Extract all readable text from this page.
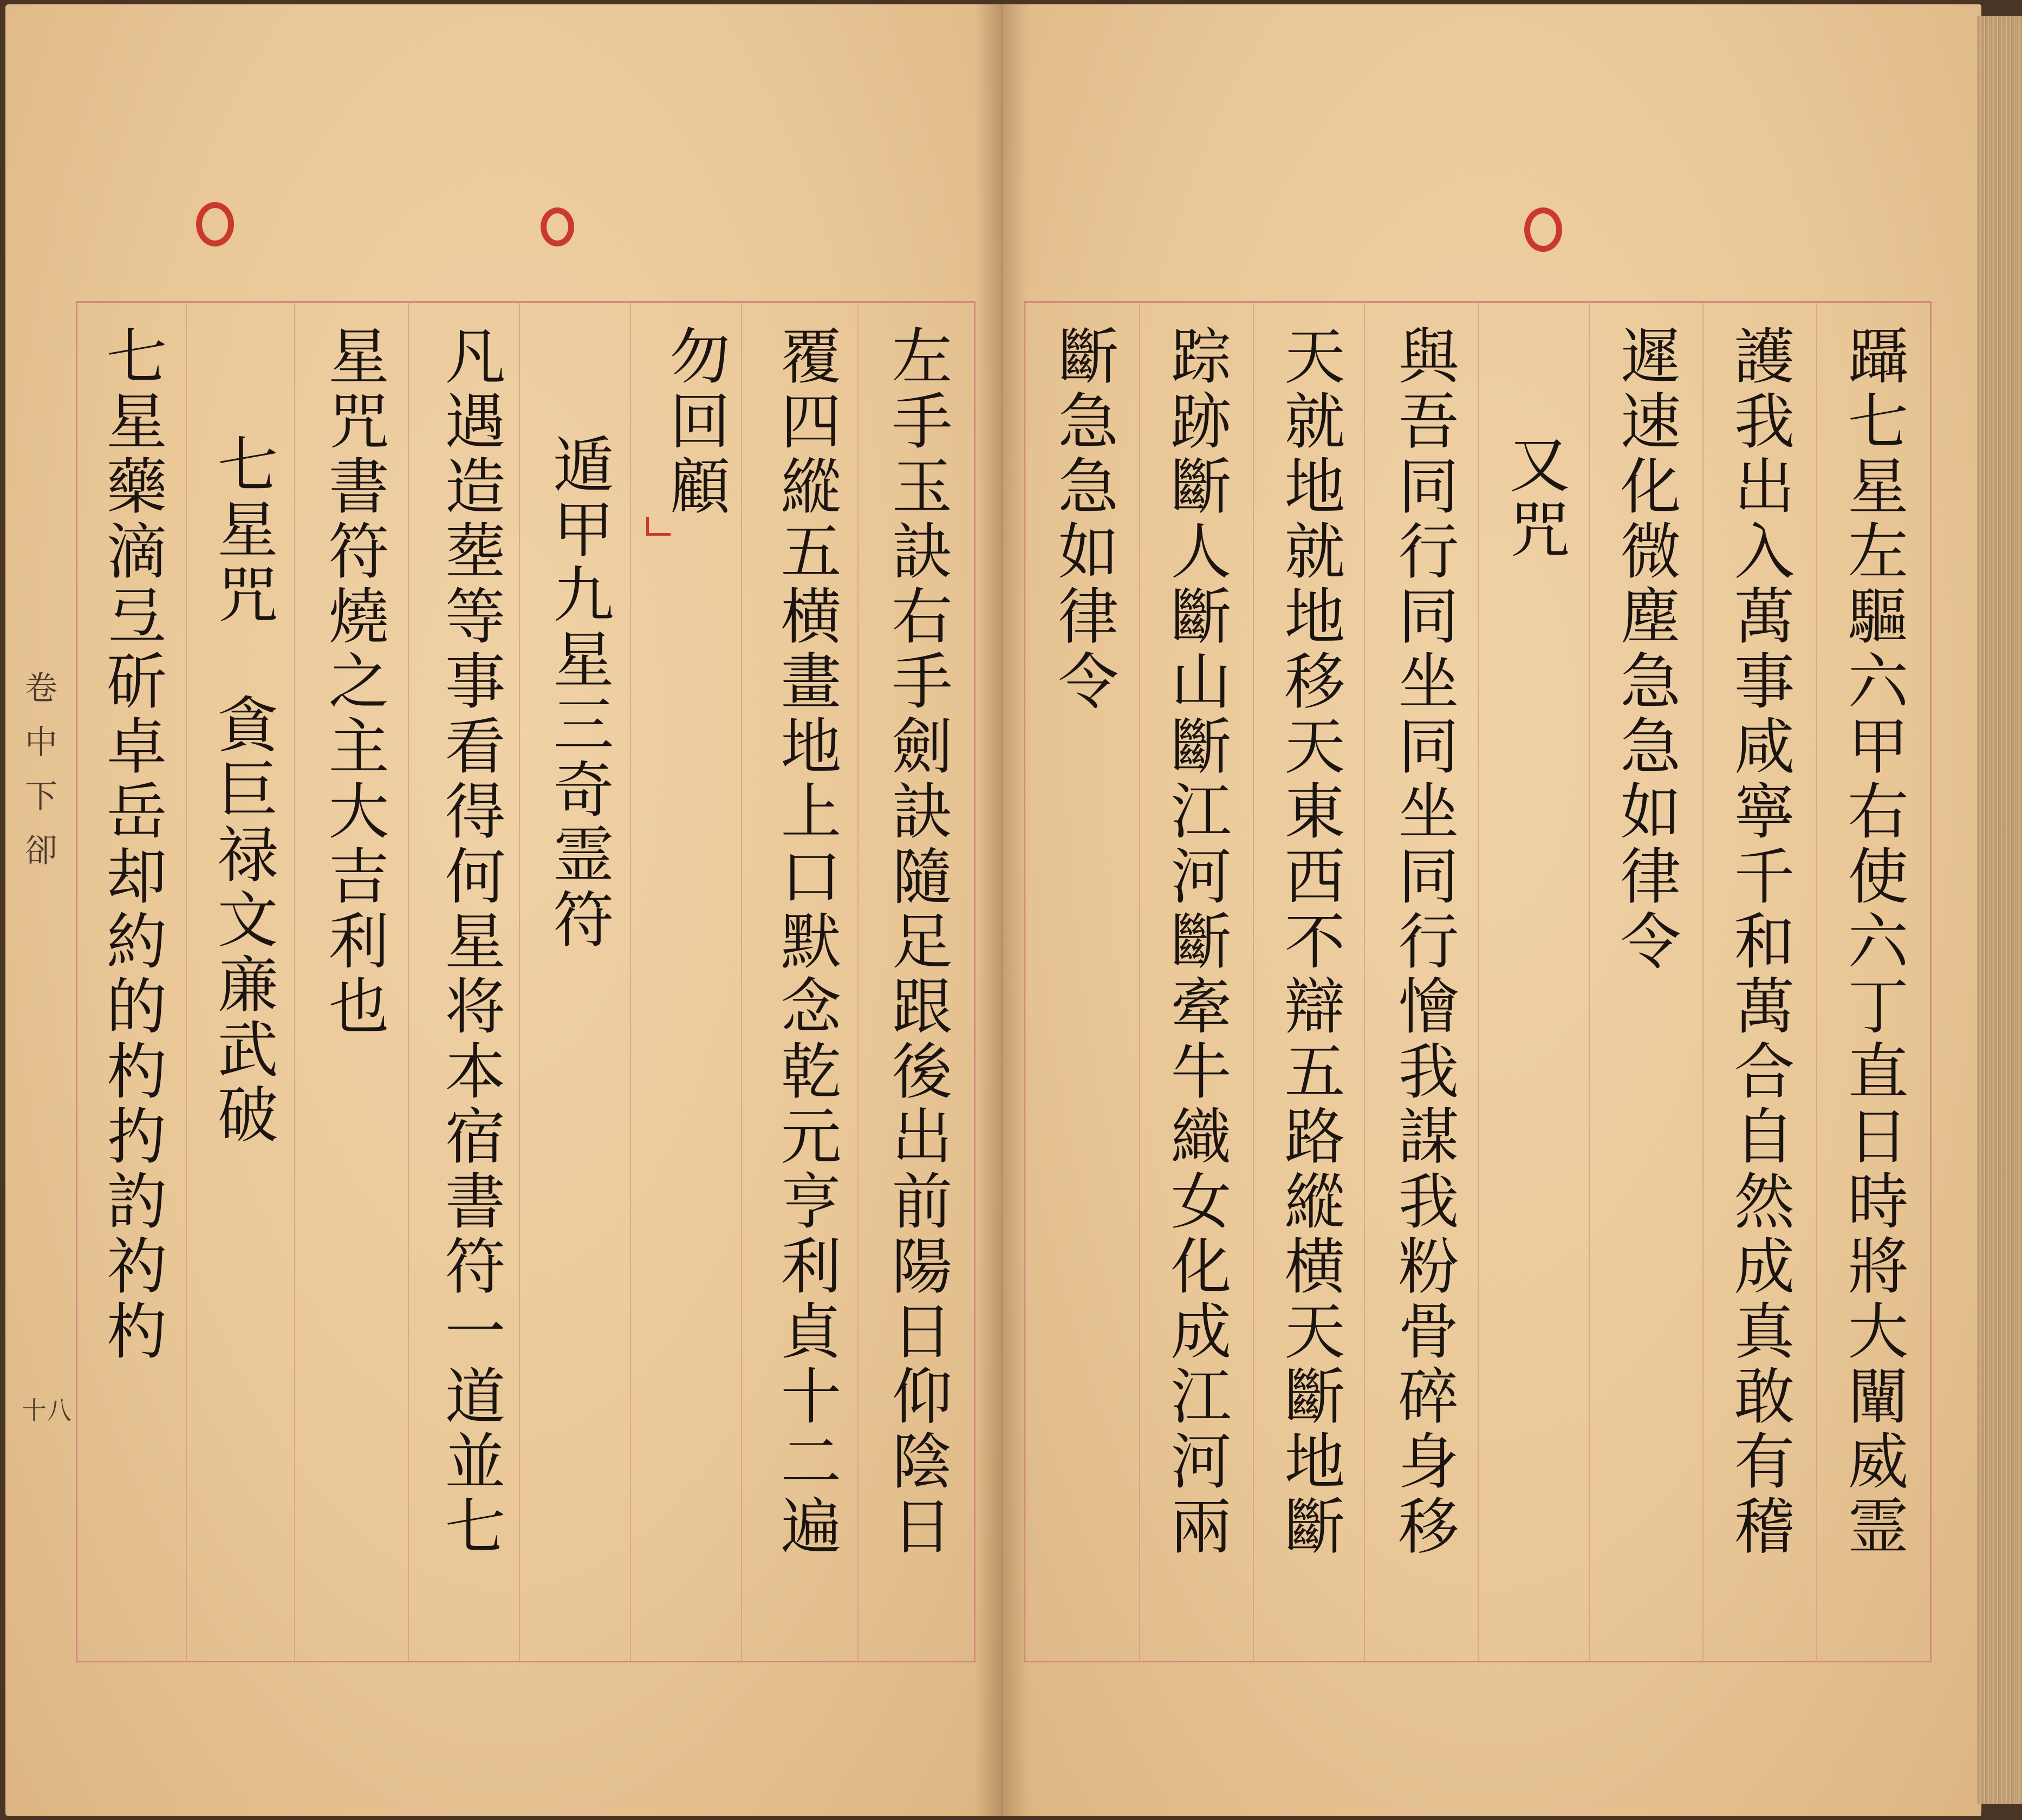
左手玉訣右手劍訣隨足跟後出前陽日仰陰日
覆四縱五横畫地上口默念乾元亨利貞十二遍
勿回顧
遁甲九星三奇霊符
凡遇造塟等事看得何星将本宿書符一道並七
星咒書符燒之主大吉利也
七星咒　貪巨禄文亷武破
七星藥滴弖斫卓岳却約的杓扚訋礿杓
卷中下卻
十八	躡七星左驅六甲右使六丁直日時將大闡威霊
護我出入萬事咸寧千和萬合自然成真敢有稽
遲速化微塵急急如律令
又咒
與吾同行同坐同坐同行懀我謀我粉骨碎身移
天就地就地移天東西不辯五路縱横天斷地斷
踪跡斷人斷山斷江河斷牽牛織女化成江河兩
斷急急如律令
